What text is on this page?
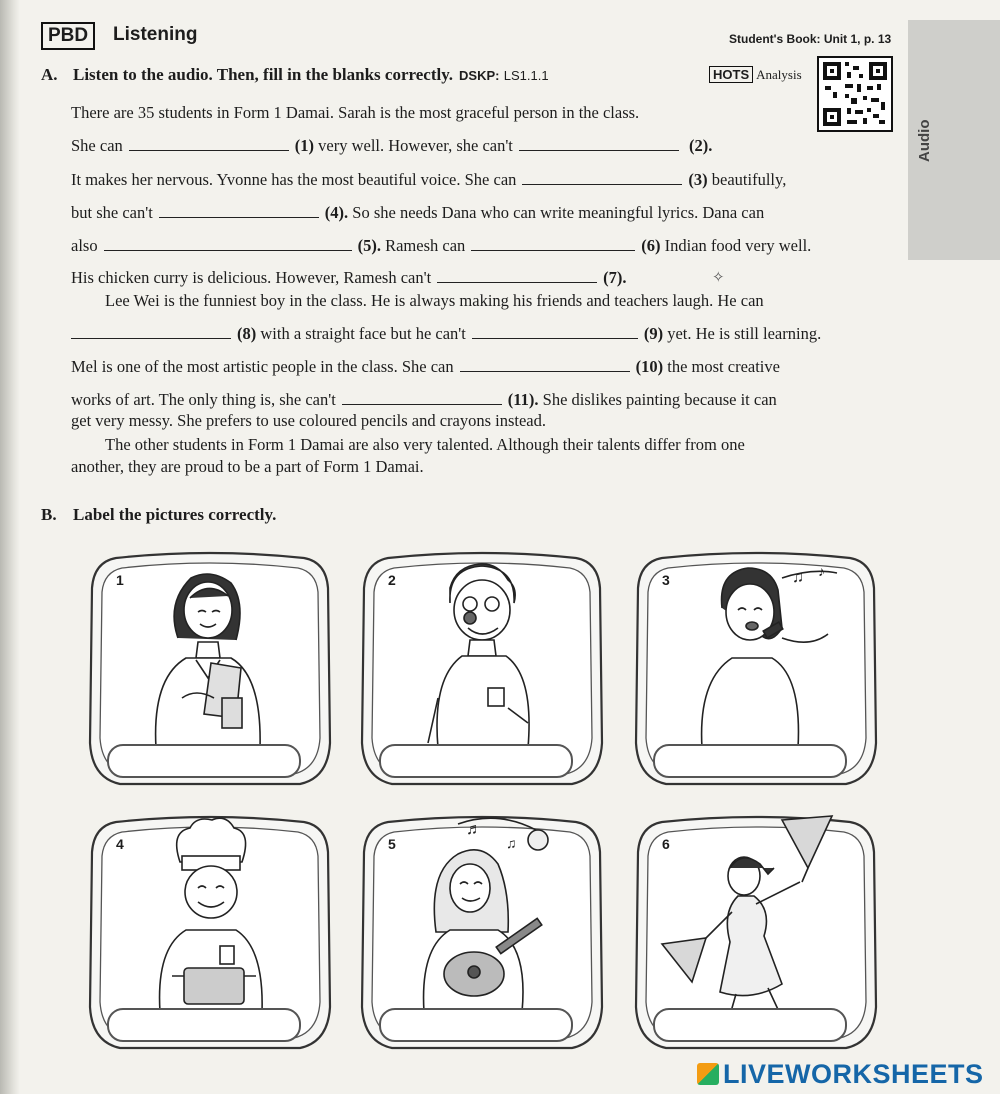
Audio
PBD	Listening	Student's Book: Unit 1, p. 13
A. Listen to the audio. Then, fill in the blanks correctly. DSKP: LS1.1.1	HOTS Analysis
There are 35 students in Form 1 Damai. Sarah is the most graceful person in the class.
She can	(1) very well. However, she can't	(2).
It makes her nervous. Yvonne has the most beautiful voice. She can	(3) beautifully,
but she can't	(4). So she needs Dana who can write meaningful lyrics. Dana can
also	(5). Ramesh can	(6) Indian food very well.
His chicken curry is delicious. However, Ramesh can't	(7).	✧
Lee Wei is the funniest boy in the class. He is always making his friends and teachers laugh. He can
(8) with a straight face but he can't	(9) yet. He is still learning.
Mel is one of the most artistic people in the class. She can	(10) the most creative
works of art. The only thing is, she can't	(11). She dislikes painting because it can
get very messy. She prefers to use coloured pencils and crayons instead.
The other students in Form 1 Damai are also very talented. Although their talents differ from one
another, they are proud to be a part of Form 1 Damai.
B. Label the pictures correctly.
1	2	♫ ♪
3
4
♬
♫
5	6
LIVEWORKSHEETS
